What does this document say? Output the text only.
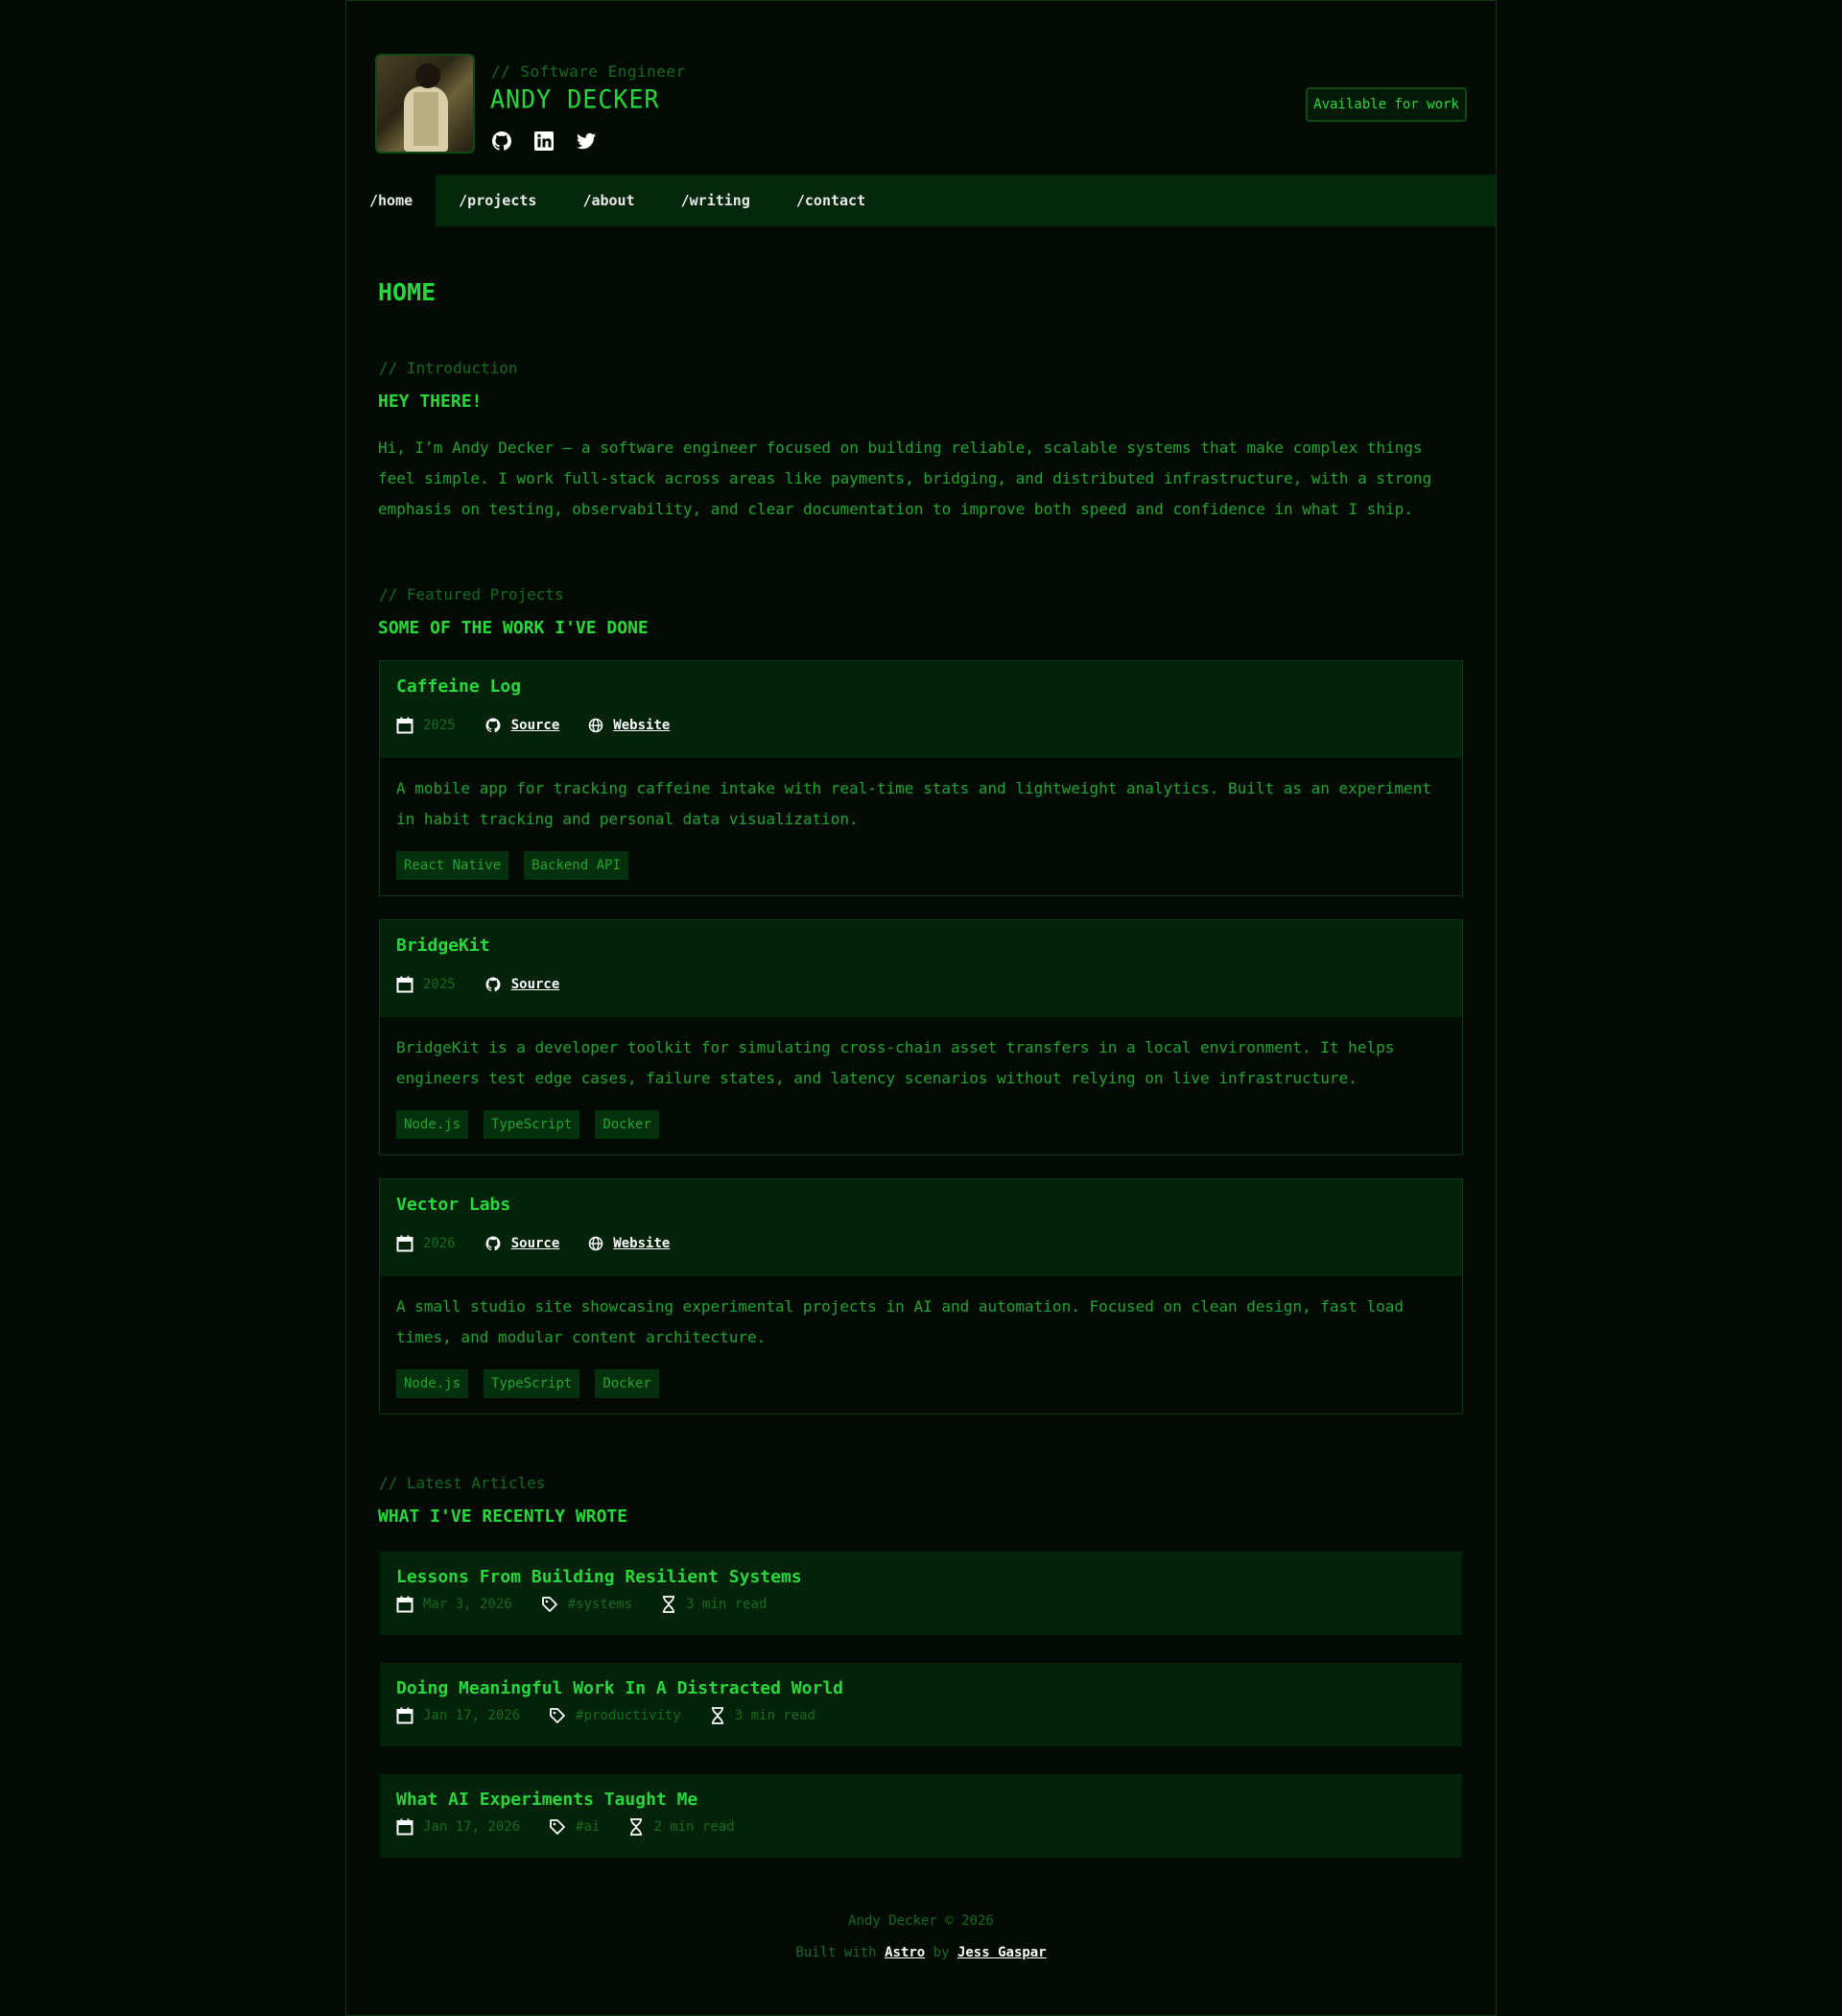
// Software Engineer
ANDY DECKER	Available for work
/home	/projects	/about	/writing	/contact
HOME
// Introduction
HEY THERE!
Hi, I’m Andy Decker — a software engineer focused on building reliable, scalable systems that make complex things feel simple. I work full-stack across areas like payments, bridging, and distributed infrastructure, with a strong emphasis on testing, observability, and clear documentation to improve both speed and confidence in what I ship.
// Featured Projects
SOME OF THE WORK I'VE DONE
Caffeine Log
2025	Source	Website
A mobile app for tracking caffeine intake with real-time stats and lightweight analytics. Built as an experiment in habit tracking and personal data visualization.
React Native	Backend API
BridgeKit
2025	Source
BridgeKit is a developer toolkit for simulating cross-chain asset transfers in a local environment. It helps engineers test edge cases, failure states, and latency scenarios without relying on live infrastructure.
Node.js	TypeScript	Docker
Vector Labs
2026	Source	Website
A small studio site showcasing experimental projects in AI and automation. Focused on clean design, fast load times, and modular content architecture.
Node.js	TypeScript	Docker
// Latest Articles
WHAT I'VE RECENTLY WROTE
Lessons From Building Resilient Systems
Mar 3, 2026	#systems	3 min read
Doing Meaningful Work In A Distracted World
Jan 17, 2026	#productivity	3 min read
What AI Experiments Taught Me
Jan 17, 2026	#ai	2 min read
Andy Decker © 2026
Built with Astro by Jess Gaspar
